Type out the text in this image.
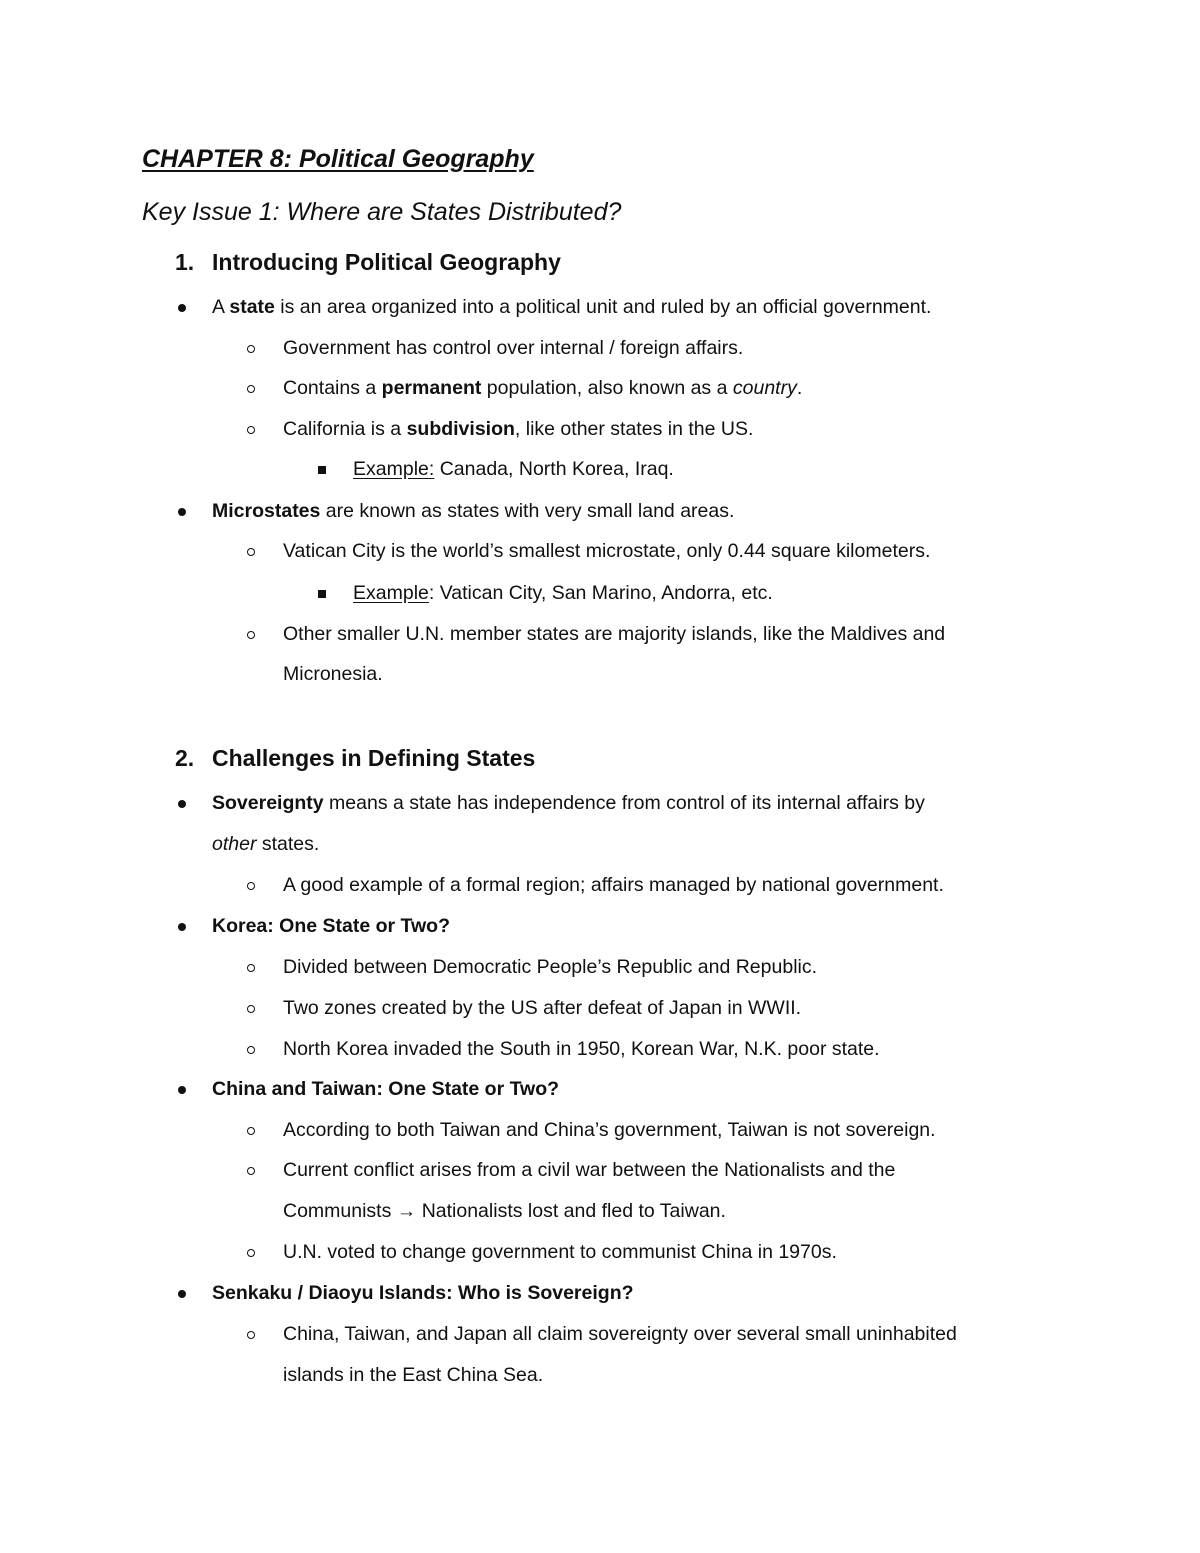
CHAPTER 8: Political Geography
Key Issue 1: Where are States Distributed?
1. Introducing Political Geography
A state is an area organized into a political unit and ruled by an official government.
Government has control over internal / foreign affairs.
Contains a permanent population, also known as a country.
California is a subdivision, like other states in the US.
Example: Canada, North Korea, Iraq.
Microstates are known as states with very small land areas.
Vatican City is the world’s smallest microstate, only 0.44 square kilometers.
Example: Vatican City, San Marino, Andorra, etc.
Other smaller U.N. member states are majority islands, like the Maldives and
Micronesia.
2. Challenges in Defining States
Sovereignty means a state has independence from control of its internal affairs by
other states.
A good example of a formal region; affairs managed by national government.
Korea: One State or Two?
Divided between Democratic People’s Republic and Republic.
Two zones created by the US after defeat of Japan in WWII.
North Korea invaded the South in 1950, Korean War, N.K. poor state.
China and Taiwan: One State or Two?
According to both Taiwan and China’s government, Taiwan is not sovereign.
Current conflict arises from a civil war between the Nationalists and the
Communists → Nationalists lost and fled to Taiwan.
U.N. voted to change government to communist China in 1970s.
Senkaku / Diaoyu Islands: Who is Sovereign?
China, Taiwan, and Japan all claim sovereignty over several small uninhabited
islands in the East China Sea.
